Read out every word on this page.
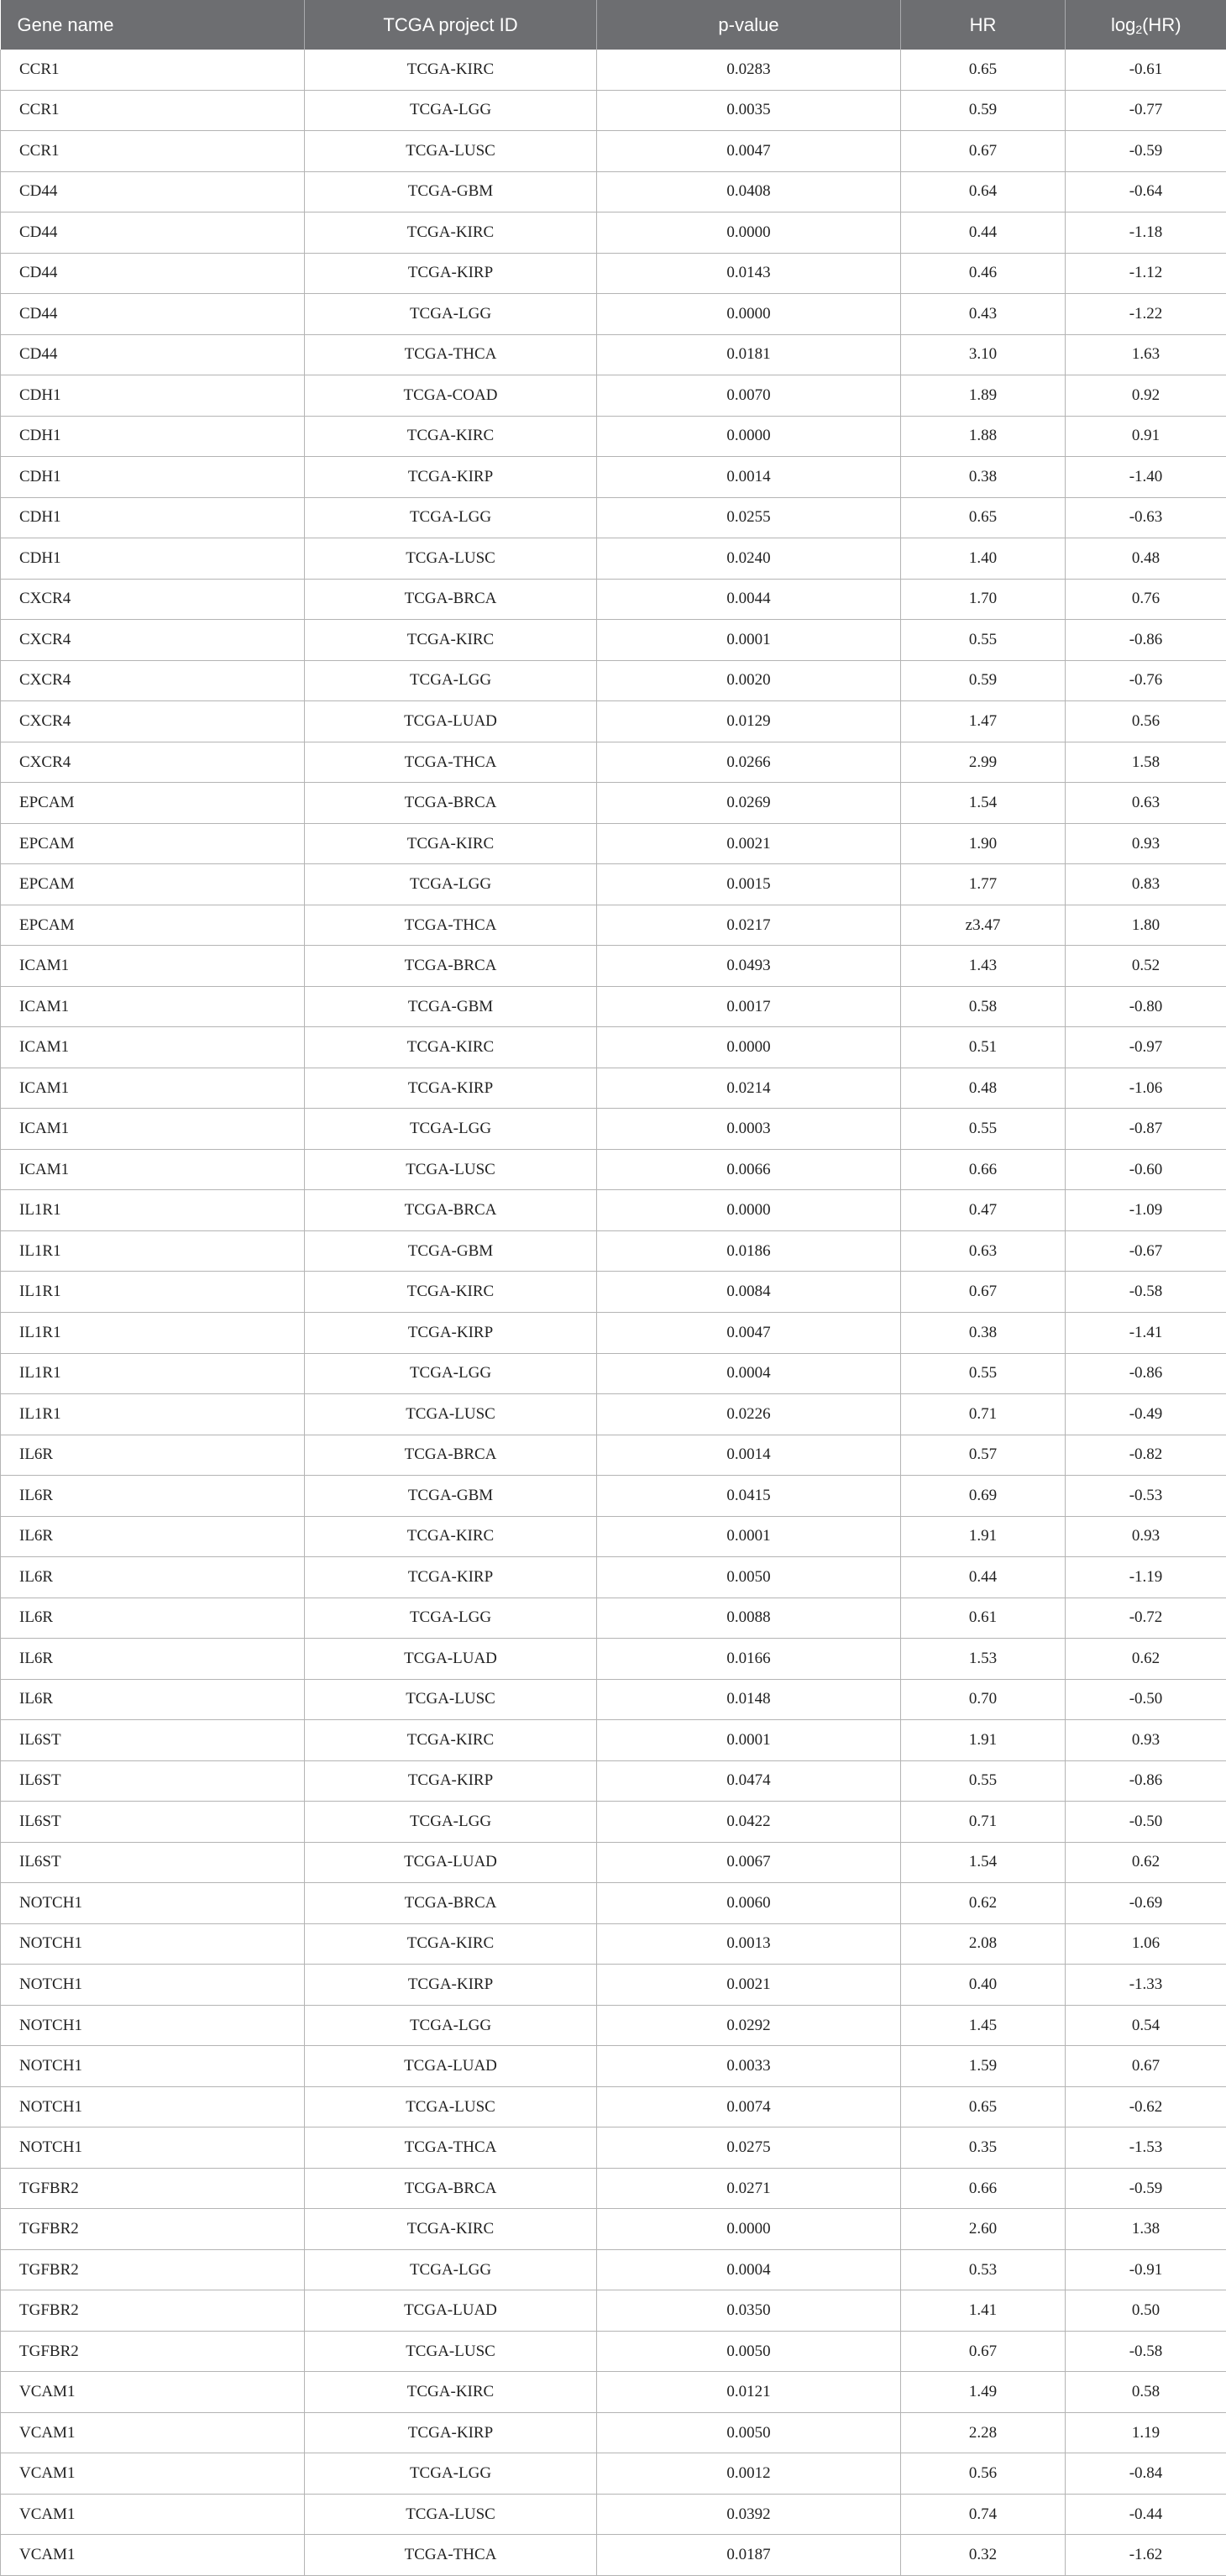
Gene name	TCGA project ID	p-value	HR	$\log_2(HR)$
CCR1	TCGA-KIRC	0.0283	0.65	-0.61
CCR1	TCGA-LGG	0.0035	0.59	-0.77
CCR1	TCGA-LUSC	0.0047	0.67	-0.59
CD44	TCGA-GBM	0.0408	0.64	-0.64
CD44	TCGA-KIRC	0.0000	0.44	-1.18
CD44	TCGA-KIRP	0.0143	0.46	-1.12
CD44	TCGA-LGG	0.0000	0.43	-1.22
CD44	TCGA-THCA	0.0181	3.10	1.63
CDH1	TCGA-COAD	0.0070	1.89	0.92
CDH1	TCGA-KIRC	0.0000	1.88	0.91
CDH1	TCGA-KIRP	0.0014	0.38	-1.40
CDH1	TCGA-LGG	0.0255	0.65	-0.63
CDH1	TCGA-LUSC	0.0240	1.40	0.48
CXCR4	TCGA-BRCA	0.0044	1.70	0.76
CXCR4	TCGA-KIRC	0.0001	0.55	-0.86
CXCR4	TCGA-LGG	0.0020	0.59	-0.76
CXCR4	TCGA-LUAD	0.0129	1.47	0.56
CXCR4	TCGA-THCA	0.0266	2.99	1.58
EPCAM	TCGA-BRCA	0.0269	1.54	0.63
EPCAM	TCGA-KIRC	0.0021	1.90	0.93
EPCAM	TCGA-LGG	0.0015	1.77	0.83
EPCAM	TCGA-THCA	0.0217	z3.47	1.80
ICAM1	TCGA-BRCA	0.0493	1.43	0.52
ICAM1	TCGA-GBM	0.0017	0.58	-0.80
ICAM1	TCGA-KIRC	0.0000	0.51	-0.97
ICAM1	TCGA-KIRP	0.0214	0.48	-1.06
ICAM1	TCGA-LGG	0.0003	0.55	-0.87
ICAM1	TCGA-LUSC	0.0066	0.66	-0.60
IL1R1	TCGA-BRCA	0.0000	0.47	-1.09
IL1R1	TCGA-GBM	0.0186	0.63	-0.67
IL1R1	TCGA-KIRC	0.0084	0.67	-0.58
IL1R1	TCGA-KIRP	0.0047	0.38	-1.41
IL1R1	TCGA-LGG	0.0004	0.55	-0.86
IL1R1	TCGA-LUSC	0.0226	0.71	-0.49
IL6R	TCGA-BRCA	0.0014	0.57	-0.82
IL6R	TCGA-GBM	0.0415	0.69	-0.53
IL6R	TCGA-KIRC	0.0001	1.91	0.93
IL6R	TCGA-KIRP	0.0050	0.44	-1.19
IL6R	TCGA-LGG	0.0088	0.61	-0.72
IL6R	TCGA-LUAD	0.0166	1.53	0.62
IL6R	TCGA-LUSC	0.0148	0.70	-0.50
IL6ST	TCGA-KIRC	0.0001	1.91	0.93
IL6ST	TCGA-KIRP	0.0474	0.55	-0.86
IL6ST	TCGA-LGG	0.0422	0.71	-0.50
IL6ST	TCGA-LUAD	0.0067	1.54	0.62
NOTCH1	TCGA-BRCA	0.0060	0.62	-0.69
NOTCH1	TCGA-KIRC	0.0013	2.08	1.06
NOTCH1	TCGA-KIRP	0.0021	0.40	-1.33
NOTCH1	TCGA-LGG	0.0292	1.45	0.54
NOTCH1	TCGA-LUAD	0.0033	1.59	0.67
NOTCH1	TCGA-LUSC	0.0074	0.65	-0.62
NOTCH1	TCGA-THCA	0.0275	0.35	-1.53
TGFBR2	TCGA-BRCA	0.0271	0.66	-0.59
TGFBR2	TCGA-KIRC	0.0000	2.60	1.38
TGFBR2	TCGA-LGG	0.0004	0.53	-0.91
TGFBR2	TCGA-LUAD	0.0350	1.41	0.50
TGFBR2	TCGA-LUSC	0.0050	0.67	-0.58
VCAM1	TCGA-KIRC	0.0121	1.49	0.58
VCAM1	TCGA-KIRP	0.0050	2.28	1.19
VCAM1	TCGA-LGG	0.0012	0.56	-0.84
VCAM1	TCGA-LUSC	0.0392	0.74	-0.44
VCAM1	TCGA-THCA	0.0187	0.32	-1.62
